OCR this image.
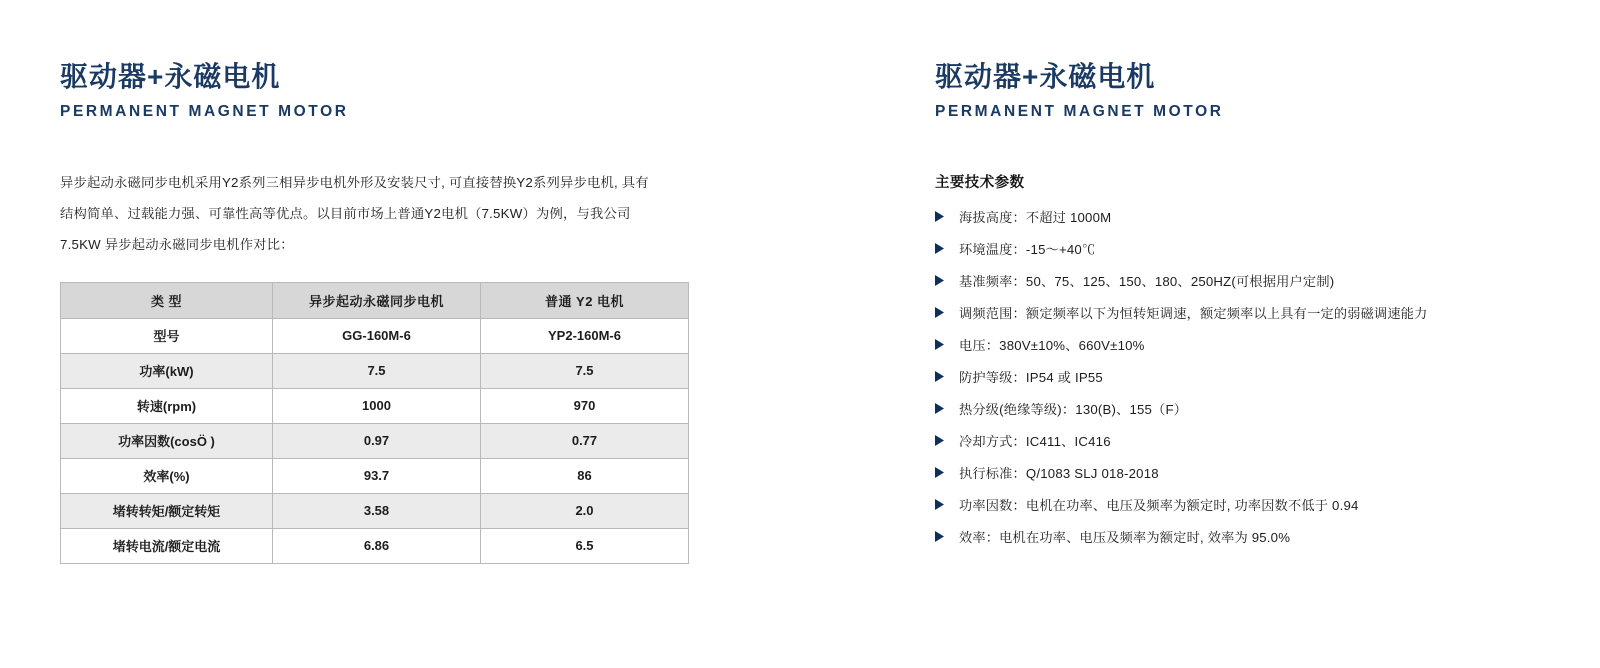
驱动器+永磁电机
PERMANENT MAGNET MOTOR
异步起动永磁同步电机采用Y2系列三相异步电机外形及安装尺寸, 可直接替换Y2系列异步电机, 具有结构简单、过载能力强、可靠性高等优点。以目前市场上普通Y2电机（7.5KW）为例，与我公司 7.5KW 异步起动永磁同步电机作对比：
类 型	异步起动永磁同步电机	普通 Y2 电机
型号	GG-160M-6	YP2-160M-6
功率(kW)	7.5	7.5
转速(rpm)	1000	970
功率因数(cosÖ )	0.97	0.77
效率(%)	93.7	86
堵转转矩/额定转矩	3.58	2.0
堵转电流/额定电流	6.86	6.5
驱动器+永磁电机
PERMANENT MAGNET MOTOR
主要技术参数
海拔高度：不超过 1000M
环境温度：-15〜+40℃
基准频率：50、75、125、150、180、250HZ(可根据用户定制)
调频范围：额定频率以下为恒转矩调速，额定频率以上具有一定的弱磁调速能力
电压：380V±10%、660V±10%
防护等级：IP54 或 IP55
热分级(绝缘等级)：130(B)、155（F）
冷却方式：IC411、IC416
执行标准：Q/1083 SLJ 018-2018
功率因数：电机在功率、电压及频率为额定时, 功率因数不低于 0.94
效率：电机在功率、电压及频率为额定时, 效率为 95.0%
